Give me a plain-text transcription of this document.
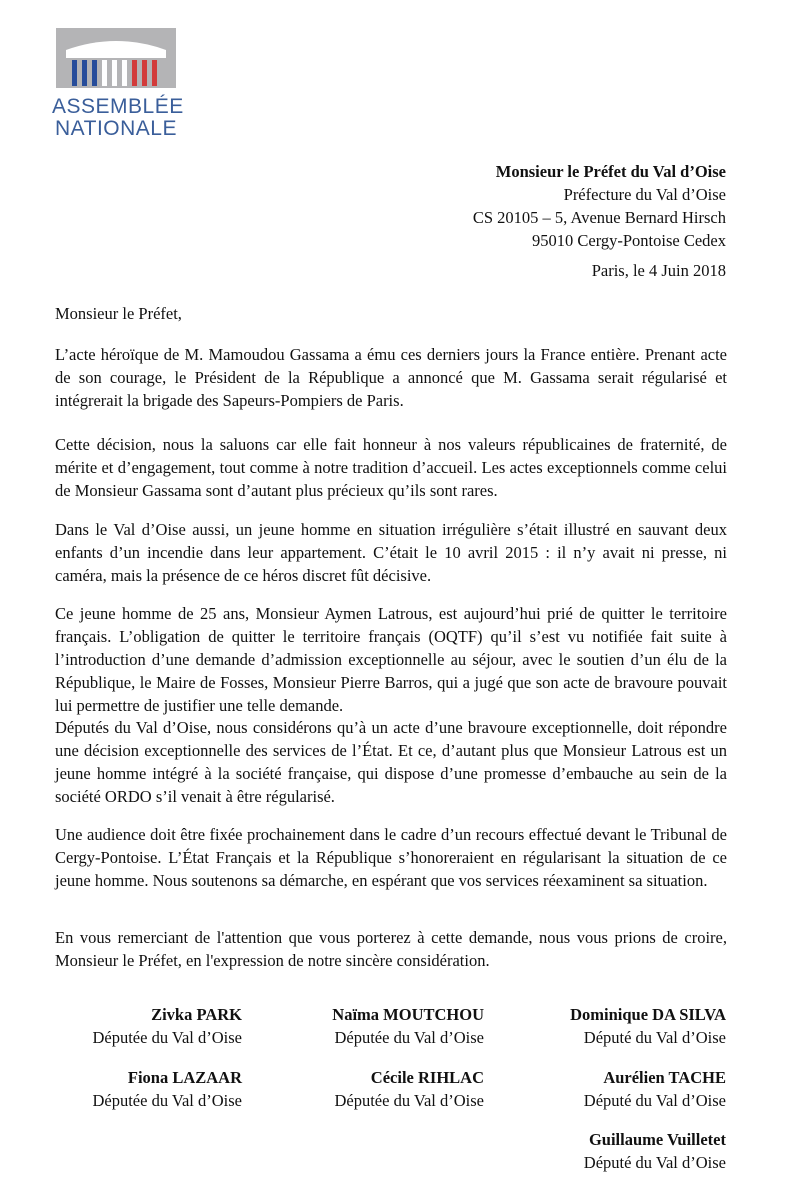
ASSEMBLÉE
NATIONALE
Monsieur le Préfet du Val d’Oise
Préfecture du Val d’Oise
CS 20105 – 5, Avenue Bernard Hirsch
95010 Cergy-Pontoise Cedex
Paris, le 4 Juin 2018
Monsieur le Préfet,

L’acte héroïque de M. Mamoudou Gassama a ému ces derniers jours la France entière. Prenant acte de son courage, le Président de la République a annoncé que M. Gassama serait régularisé et intégrerait la brigade des Sapeurs-Pompiers de Paris.

Cette décision, nous la saluons car elle fait honneur à nos valeurs républicaines de fraternité, de mérite et d’engagement, tout comme à notre tradition d’accueil. Les actes exceptionnels comme celui de Monsieur Gassama sont d’autant plus précieux qu’ils sont rares.

Dans le Val d’Oise aussi, un jeune homme en situation irrégulière s’était illustré en sauvant deux enfants d’un incendie dans leur appartement. C’était le 10 avril 2015 : il n’y avait ni presse, ni caméra, mais la présence de ce héros discret fût décisive.

Ce jeune homme de 25 ans, Monsieur Aymen Latrous, est aujourd’hui prié de quitter le territoire français. L’obligation de quitter le territoire français (OQTF) qu’il s’est vu notifiée fait suite à l’introduction d’une demande d’admission exceptionnelle au séjour, avec le soutien d’un élu de la République, le Maire de Fosses, Monsieur Pierre Barros, qui a jugé que son acte de bravoure pouvait lui permettre de justifier une telle demande.

Députés du Val d’Oise, nous considérons qu’à un acte d’une bravoure exceptionnelle, doit répondre une décision exceptionnelle des services de l’État. Et ce, d’autant plus que Monsieur Latrous est un jeune homme intégré à la société française, qui dispose d’une promesse d’embauche au sein de la société ORDO s’il venait à être régularisé.

Une audience doit être fixée prochainement dans le cadre d’un recours effectué devant le Tribunal de Cergy-Pontoise. L’État Français et la République s’honoreraient en régularisant la situation de ce jeune homme. Nous soutenons sa démarche, en espérant que vos services réexaminent sa situation.

En vous remerciant de l'attention que vous porterez à cette demande, nous vous prions de croire, Monsieur le Préfet, en l'expression de notre sincère considération.

Zivka PARK
Députée du Val d’Oise
Naïma MOUTCHOU
Députée du Val d’Oise
Dominique DA SILVA
Député du Val d’Oise
Fiona LAZAAR
Députée du Val d’Oise
Cécile RIHLAC
Députée du Val d’Oise
Aurélien TACHE
Député du Val d’Oise
Guillaume Vuilletet
Député du Val d’Oise
